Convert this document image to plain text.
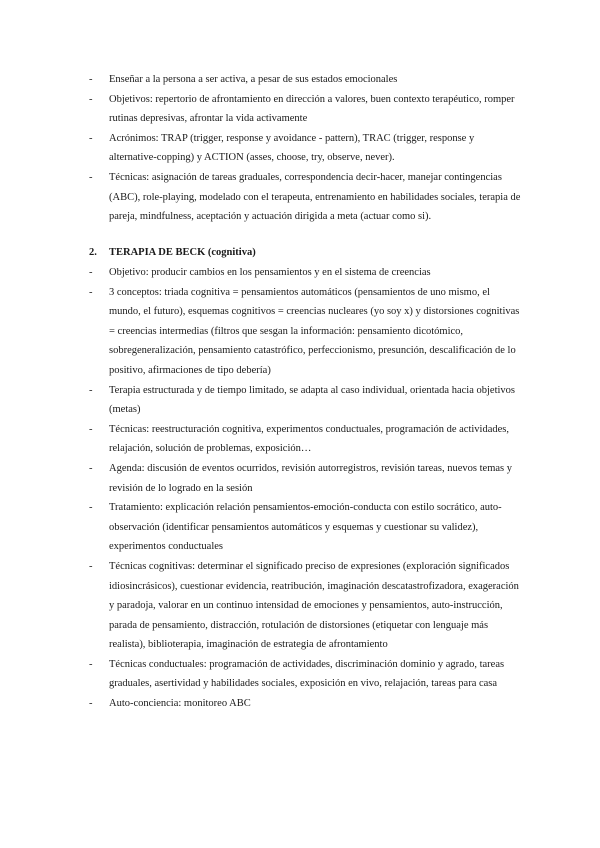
- Enseñar a la persona a ser activa, a pesar de sus estados emocionales
- Objetivos: repertorio de afrontamiento en dirección a valores, buen contexto terapéutico, romper rutinas depresivas, afrontar la vida activamente
- Acrónimos: TRAP (trigger, response y avoidance - pattern), TRAC (trigger, response y alternative-copping) y ACTION (asses, choose, try, observe, never).
- Técnicas: asignación de tareas graduales, correspondencia decir-hacer, manejar contingencias (ABC), role-playing, modelado con el terapeuta, entrenamiento en habilidades sociales, terapia de pareja, mindfulness, aceptación y actuación dirigida a meta (actuar como si).
2. TERAPIA DE BECK (cognitiva)
- Objetivo: producir cambios en los pensamientos y en el sistema de creencias
- 3 conceptos: triada cognitiva = pensamientos automáticos (pensamientos de uno mismo, el mundo, el futuro), esquemas cognitivos = creencias nucleares (yo soy x) y distorsiones cognitivas = creencias intermedias (filtros que sesgan la información: pensamiento dicotómico, sobregeneralización, pensamiento catastrófico, perfeccionismo, presunción, descalificación de lo positivo, afirmaciones de tipo debería)
- Terapia estructurada y de tiempo limitado, se adapta al caso individual, orientada hacia objetivos (metas)
- Técnicas: reestructuración cognitiva, experimentos conductuales, programación de actividades, relajación, solución de problemas, exposición…
- Agenda: discusión de eventos ocurridos, revisión autorregistros, revisión tareas, nuevos temas y revisión de lo logrado en la sesión
- Tratamiento: explicación relación pensamientos-emoción-conducta con estilo socrático, auto-observación (identificar pensamientos automáticos y esquemas y cuestionar su validez), experimentos conductuales
- Técnicas cognitivas: determinar el significado preciso de expresiones (exploración significados idiosincrásicos), cuestionar evidencia, reatribución, imaginación descatastrofizadora, exageración y paradoja, valorar en un continuo intensidad de emociones y pensamientos, auto-instrucción, parada de pensamiento, distracción, rotulación de distorsiones (etiquetar con lenguaje más realista), biblioterapia, imaginación de estrategia de afrontamiento
- Técnicas conductuales: programación de actividades, discriminación dominio y agrado, tareas graduales, asertividad y habilidades sociales, exposición en vivo, relajación, tareas para casa
- Auto-conciencia: monitoreo ABC
